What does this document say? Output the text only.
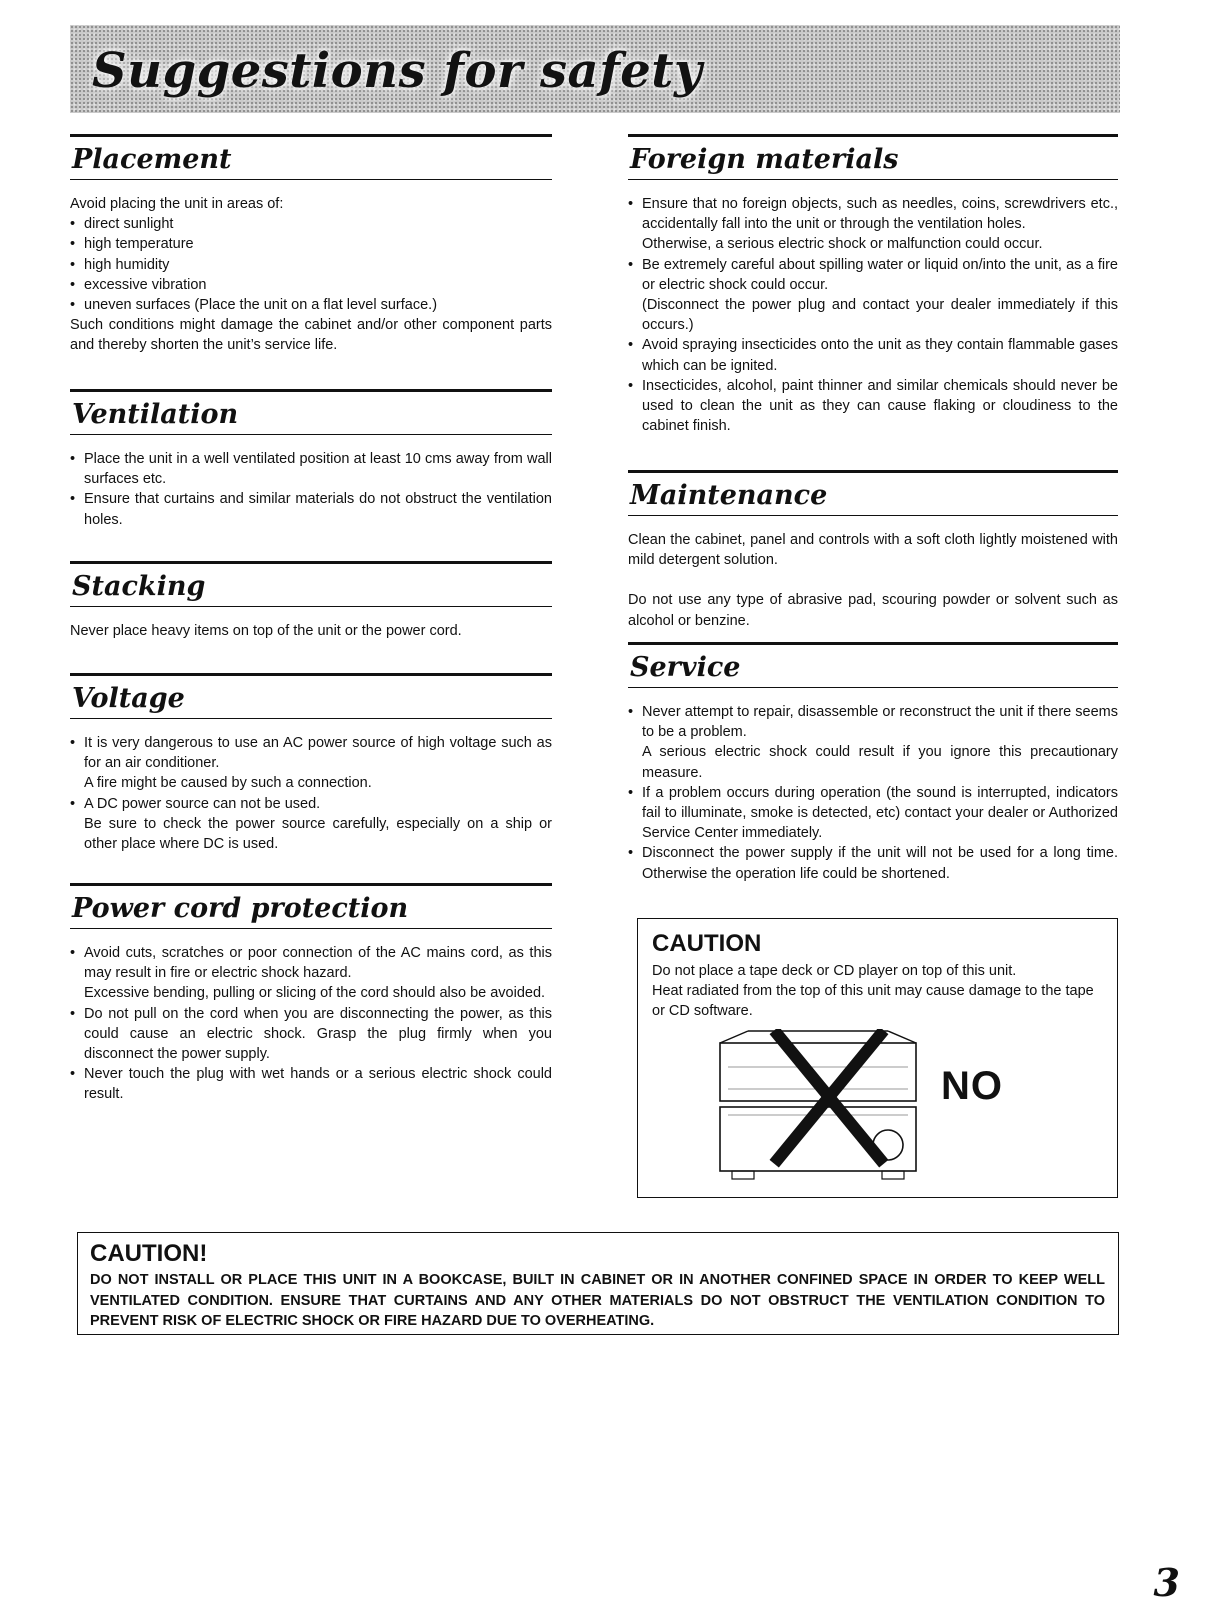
Suggestions for safety
Placement

Avoid placing the unit in areas of:

• direct sunlight
• high temperature
• high humidity
• excessive vibration
• uneven surfaces (Place the unit on a flat level surface.)

Such conditions might damage the cabinet and/or other component parts and thereby shorten the unit’s service life.

Ventilation
• Place the unit in a well ventilated position at least 10 cms away from wall surfaces etc.
• Ensure that curtains and similar materials do not obstruct the ventilation holes.
Stacking

Never place heavy items on top of the unit or the power cord.

Voltage

• It is very dangerous to use an AC power source of high voltage such as for an air conditioner.

A fire might be caused by such a connection.

• A DC power source can not be used.

Be sure to check the power source carefully, especially on a ship or other place where DC is used.

Power cord protection

• Avoid cuts, scratches or poor connection of the AC mains cord, as this may result in fire or electric shock hazard.

Excessive bending, pulling or slicing of the cord should also be avoided.

• Do not pull on the cord when you are disconnecting the power, as this could cause an electric shock. Grasp the plug firmly when you disconnect the power supply.
• Never touch the plug with wet hands or a serious electric shock could result.
Foreign materials

• Ensure that no foreign objects, such as needles, coins, screwdrivers etc., accidentally fall into the unit or through the ventilation holes.

Otherwise, a serious electric shock or malfunction could occur.

• Be extremely careful about spilling water or liquid on/into the unit, as a fire or electric shock could occur.

(Disconnect the power plug and contact your dealer immediately if this occurs.)

• Avoid spraying insecticides onto the unit as they contain flammable gases which can be ignited.
• Insecticides, alcohol, paint thinner and similar chemicals should never be used to clean the unit as they can cause flaking or cloudiness to the cabinet finish.
Maintenance

Clean the cabinet, panel and controls with a soft cloth lightly moistened with mild detergent solution.

Do not use any type of abrasive pad, scouring powder or solvent such as alcohol or benzine.

Service

• Never attempt to repair, disassemble or reconstruct the unit if there seems to be a problem.

A serious electric shock could result if you ignore this precautionary measure.

• If a problem occurs during operation (the sound is interrupted, indicators fail to illuminate, smoke is detected, etc) contact your dealer or Authorized Service Center immediately.
• Disconnect the power supply if the unit will not be used for a long time. Otherwise the operation life could be shortened.
CAUTION

Do not place a tape deck or CD player on top of this unit.

Heat radiated from the top of this unit may cause damage to the tape or CD software.

NO

CAUTION!

DO NOT INSTALL OR PLACE THIS UNIT IN A BOOKCASE, BUILT IN CABINET OR IN ANOTHER CONFINED SPACE IN ORDER TO KEEP WELL VENTILATED CONDITION. ENSURE THAT CURTAINS AND ANY OTHER MATERIALS DO NOT OBSTRUCT THE VENTILATION CONDITION TO PREVENT RISK OF ELECTRIC SHOCK OR FIRE HAZARD DUE TO OVERHEATING.

3
